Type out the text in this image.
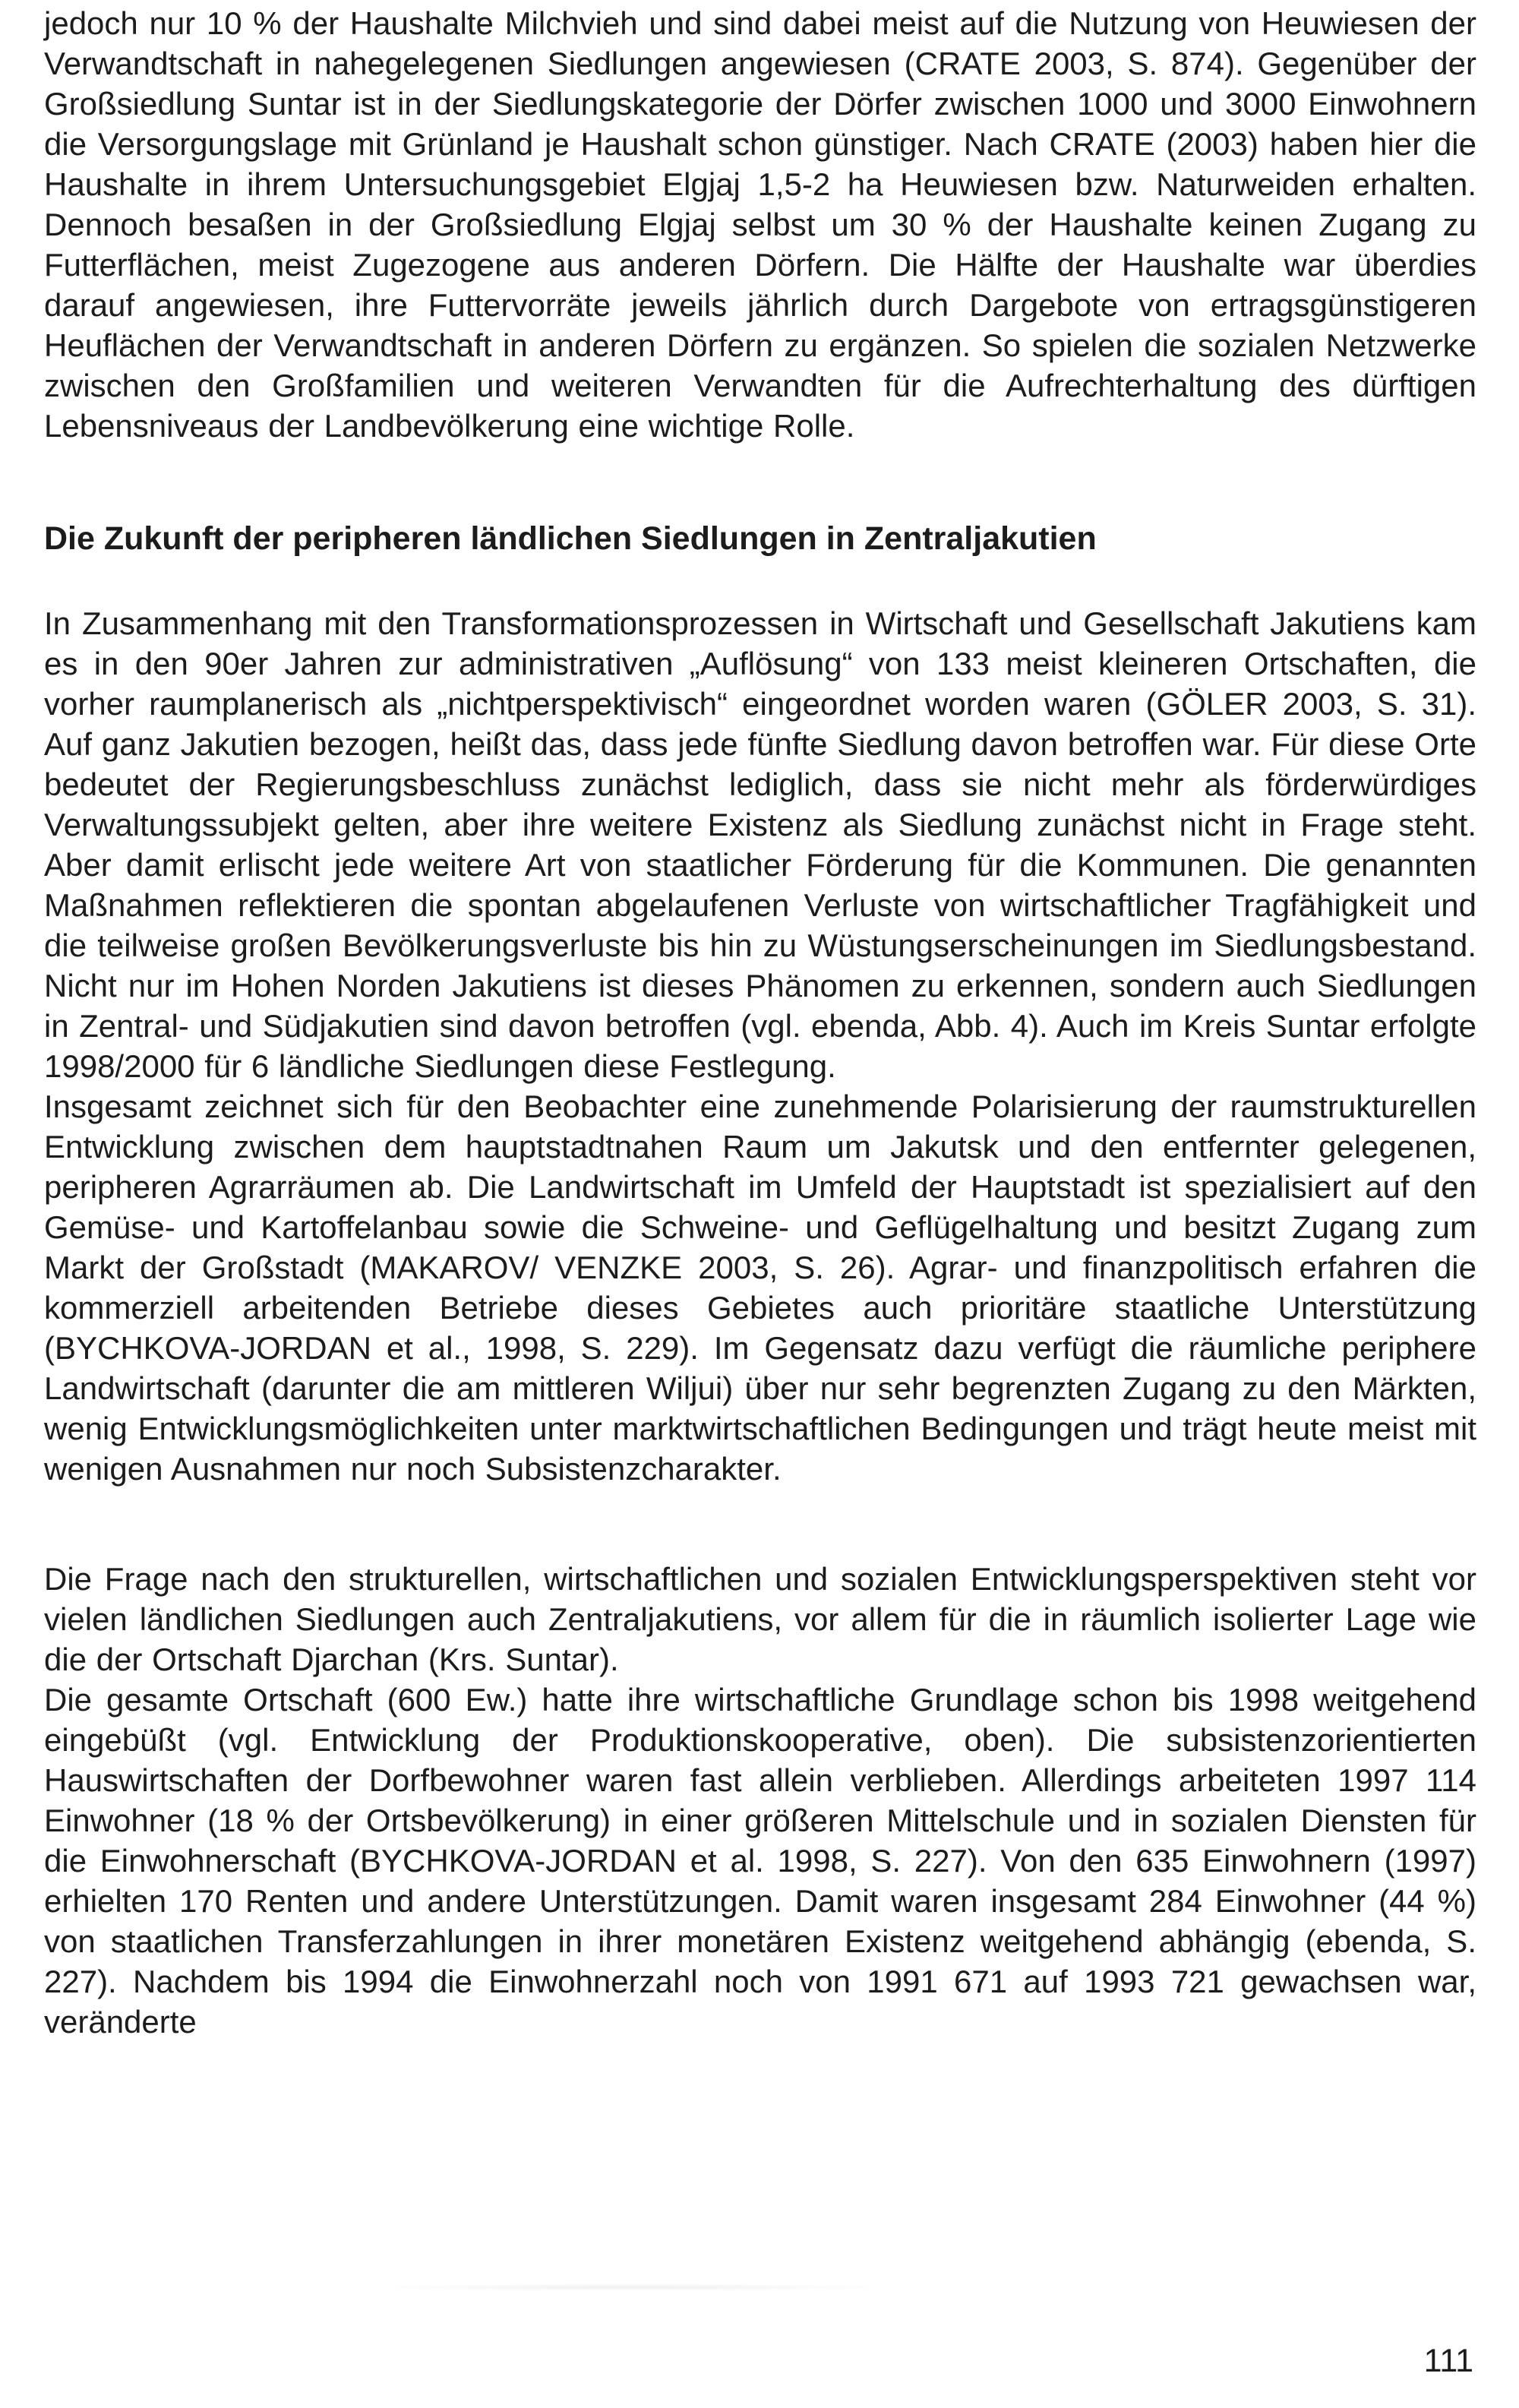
jedoch nur 10 % der Haushalte Milchvieh und sind dabei meist auf die Nutzung von Heuwiesen der Verwandtschaft in nahegelegenen Siedlungen angewiesen (CRATE 2003, S. 874). Gegenüber der Großsiedlung Suntar ist in der Siedlungskategorie der Dörfer zwischen 1000 und 3000 Einwohnern die Versorgungslage mit Grünland je Haushalt schon günstiger. Nach CRATE (2003) haben hier die Haushalte in ihrem Untersuchungsgebiet Elgjaj 1,5-2 ha Heuwiesen bzw. Naturweiden erhalten. Dennoch besaßen in der Großsiedlung Elgjaj selbst um 30 % der Haushalte keinen Zugang zu Futterflächen, meist Zugezogene aus anderen Dörfern. Die Hälfte der Haushalte war überdies darauf angewiesen, ihre Futtervorräte jeweils jährlich durch Dargebote von ertragsgünstigeren Heuflächen der Verwandtschaft in anderen Dörfern zu ergänzen. So spielen die sozialen Netzwerke zwischen den Großfamilien und weiteren Verwandten für die Aufrechterhaltung des dürftigen Lebensniveaus der Landbevölkerung eine wichtige Rolle.

Die Zukunft der peripheren ländlichen Siedlungen in Zentraljakutien

In Zusammenhang mit den Transformationsprozessen in Wirtschaft und Gesellschaft Jakutiens kam es in den 90er Jahren zur administrativen „Auflösung“ von 133 meist kleineren Ortschaften, die vorher raumplanerisch als „nichtperspektivisch“ eingeordnet worden waren (GÖLER 2003, S. 31). Auf ganz Jakutien bezogen, heißt das, dass jede fünfte Siedlung davon betroffen war. Für diese Orte bedeutet der Regierungsbeschluss zunächst lediglich, dass sie nicht mehr als förderwürdiges Verwaltungssubjekt gelten, aber ihre weitere Existenz als Siedlung zunächst nicht in Frage steht. Aber damit erlischt jede weitere Art von staatlicher Förderung für die Kommunen. Die genannten Maßnahmen reflektieren die spontan abgelaufenen Verluste von wirtschaftlicher Tragfähigkeit und die teilweise großen Bevölkerungsverluste bis hin zu Wüstungserscheinungen im Siedlungsbestand. Nicht nur im Hohen Norden Jakutiens ist dieses Phänomen zu erkennen, sondern auch Siedlungen in Zentral- und Südjakutien sind davon betroffen (vgl. ebenda, Abb. 4). Auch im Kreis Suntar erfolgte 1998/2000 für 6 ländliche Siedlungen diese Festlegung.

Insgesamt zeichnet sich für den Beobachter eine zunehmende Polarisierung der raumstrukturellen Entwicklung zwischen dem hauptstadtnahen Raum um Jakutsk und den entfernter gelegenen, peripheren Agrarräumen ab. Die Landwirtschaft im Umfeld der Hauptstadt ist spezialisiert auf den Gemüse- und Kartoffelanbau sowie die Schweine- und Geflügelhaltung und besitzt Zugang zum Markt der Großstadt (MAKAROV/ VENZKE 2003, S. 26). Agrar- und finanzpolitisch erfahren die kommerziell arbeitenden Betriebe dieses Gebietes auch prioritäre staatliche Unterstützung (BYCHKOVA-JORDAN et al., 1998, S. 229). Im Gegensatz dazu verfügt die räumliche periphere Landwirtschaft (darunter die am mittleren Wiljui) über nur sehr begrenzten Zugang zu den Märkten, wenig Entwicklungsmöglichkeiten unter marktwirtschaftlichen Bedingungen und trägt heute meist mit wenigen Ausnahmen nur noch Subsistenzcharakter.

Die Frage nach den strukturellen, wirtschaftlichen und sozialen Entwicklungsperspektiven steht vor vielen ländlichen Siedlungen auch Zentraljakutiens, vor allem für die in räumlich isolierter Lage wie die der Ortschaft Djarchan (Krs. Suntar).

Die gesamte Ortschaft (600 Ew.) hatte ihre wirtschaftliche Grundlage schon bis 1998 weitgehend eingebüßt (vgl. Entwicklung der Produktionskooperative, oben). Die subsistenzorientierten Hauswirtschaften der Dorfbewohner waren fast allein verblieben. Allerdings arbeiteten 1997 114 Einwohner (18 % der Ortsbevölkerung) in einer größeren Mittelschule und in sozialen Diensten für die Einwohnerschaft (BYCHKOVA-JORDAN et al. 1998, S. 227). Von den 635 Einwohnern (1997) erhielten 170 Renten und andere Unterstützungen. Damit waren insgesamt 284 Einwohner (44 %) von staatlichen Transferzahlungen in ihrer monetären Existenz weitgehend abhängig (ebenda, S. 227). Nachdem bis 1994 die Einwohnerzahl noch von 1991 671 auf 1993 721 gewachsen war, veränderte

111
